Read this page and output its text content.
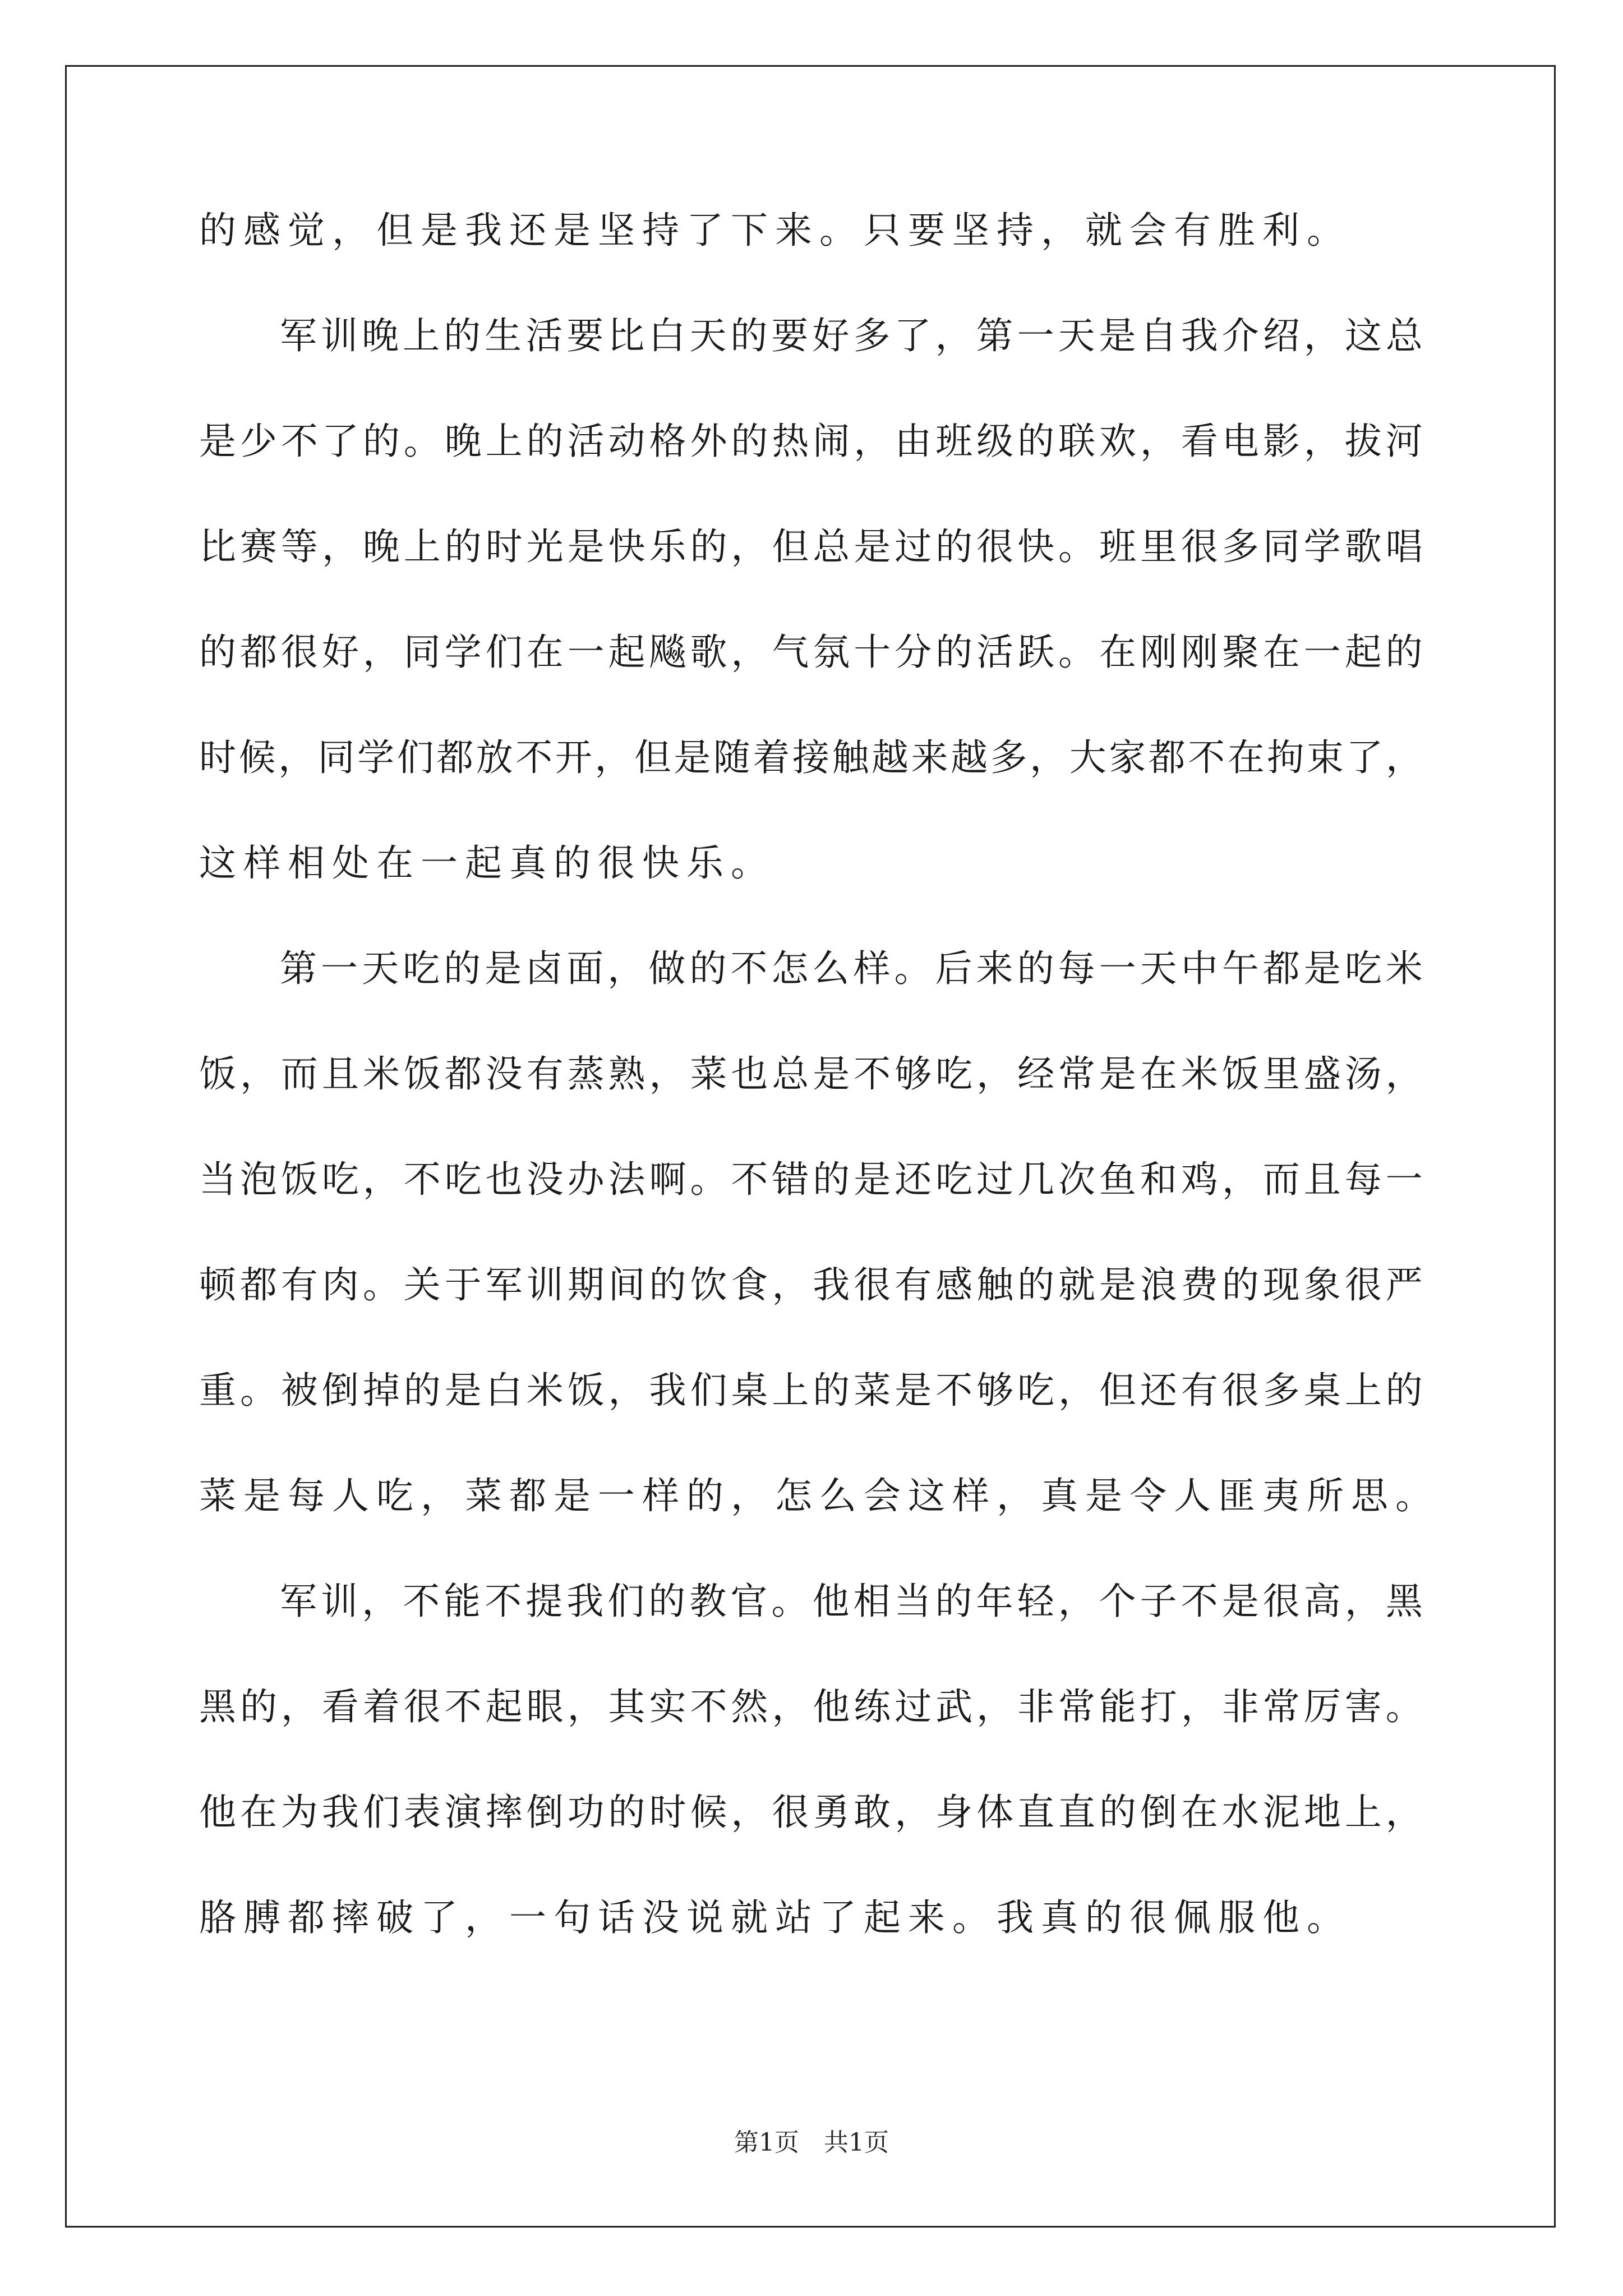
的感觉，但是我还是坚持了下来。只要坚持，就会有胜利。
军 训 晚 上 的 生 活 要 比 白 天 的 要 好 多 了 ， 第 一 天 是 自 我 介 绍 ， 这 总
是 少 不 了 的 。 晚 上 的 活 动 格 外 的 热 闹 ， 由 班 级 的 联 欢 ， 看 电 影 ， 拔 河
比 赛 等 ， 晚 上 的 时 光 是 快 乐 的 ， 但 总 是 过 的 很 快 。 班 里 很 多 同 学 歌 唱
的 都 很 好 ， 同 学 们 在 一 起 飚 歌 ， 气 氛 十 分 的 活 跃 。 在 刚 刚 聚 在 一 起 的
时 候 ， 同 学 们 都 放 不 开 ， 但 是 随 着 接 触 越 来 越 多 ， 大 家 都 不 在 拘 束 了 ，
这样相处在一起真的很快乐。
第 一 天 吃 的 是 卤 面 ， 做 的 不 怎 么 样 。 后 来 的 每 一 天 中 午 都 是 吃 米
饭 ， 而 且 米 饭 都 没 有 蒸 熟 ， 菜 也 总 是 不 够 吃 ， 经 常 是 在 米 饭 里 盛 汤 ，
当 泡 饭 吃 ， 不 吃 也 没 办 法 啊 。 不 错 的 是 还 吃 过 几 次 鱼 和 鸡 ， 而 且 每 一
顿 都 有 肉 。 关 于 军 训 期 间 的 饮 食 ， 我 很 有 感 触 的 就 是 浪 费 的 现 象 很 严
重 。 被 倒 掉 的 是 白 米 饭 ， 我 们 桌 上 的 菜 是 不 够 吃 ， 但 还 有 很 多 桌 上 的
菜是每人吃，菜都是一样的，怎么会这样，真是令人匪夷所思。
军 训 ， 不 能 不 提 我 们 的 教 官 。 他 相 当 的 年 轻 ， 个 子 不 是 很 高 ， 黑
黑 的 ， 看 着 很 不 起 眼 ， 其 实 不 然 ， 他 练 过 武 ， 非 常 能 打 ， 非 常 厉 害 。
他 在 为 我 们 表 演 摔 倒 功 的 时 候 ， 很 勇 敢 ， 身 体 直 直 的 倒 在 水 泥 地 上 ，
胳膊都摔破了，一句话没说就站了起来。我真的很佩服他。
第1页　共1页
